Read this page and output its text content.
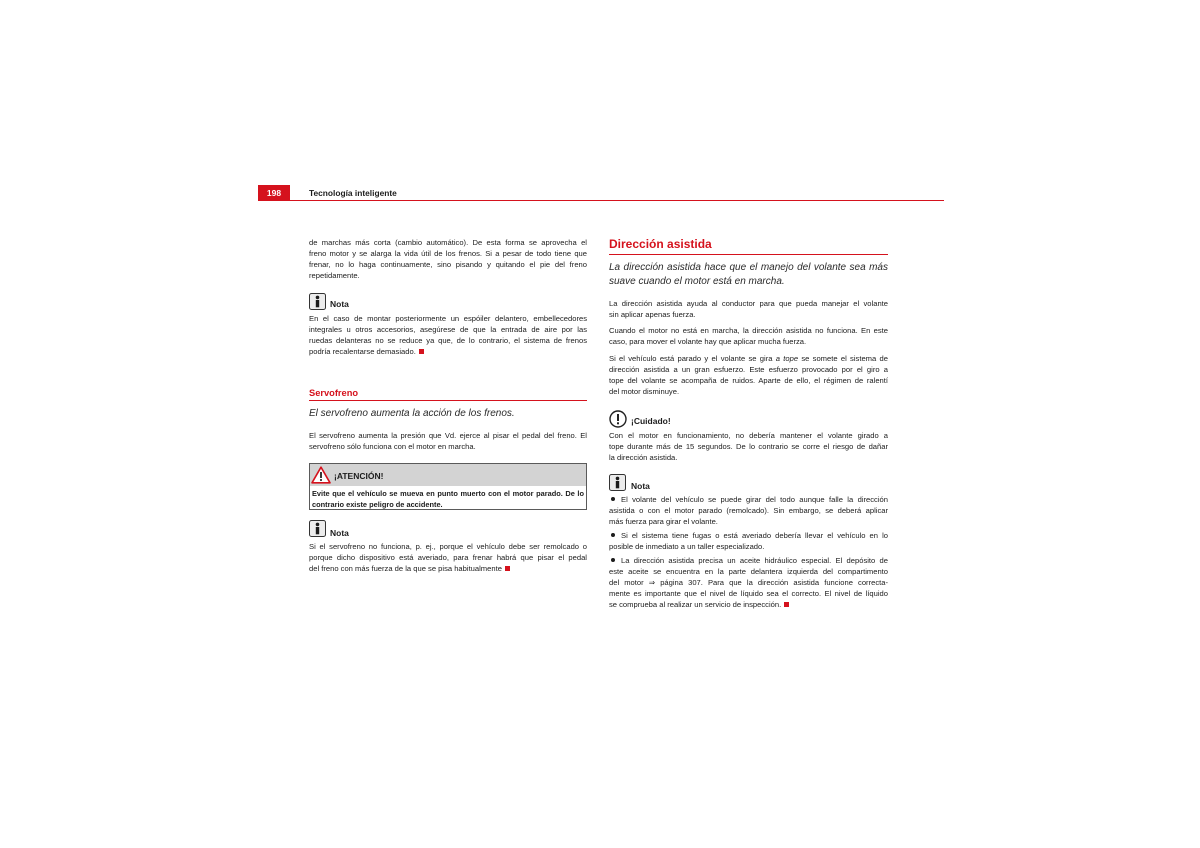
198	Tecnología inteligente
de marchas más corta (cambio automático). De esta forma se aprovecha el
freno motor y se alarga la vida útil de los frenos. Si a pesar de todo tiene que
frenar, no lo haga continuamente, sino pisando y quitando el pie del freno
repetidamente.
Nota
En el caso de montar posteriormente un espóiler delantero, embellecedores
integrales u otros accesorios, asegúrese de que la entrada de aire por las
ruedas delanteras no se reduce ya que, de lo contrario, el sistema de frenos
podría recalentarse demasiado.
Servofreno
El servofreno aumenta la acción de los frenos.
El servofreno aumenta la presión que Vd. ejerce al pisar el pedal del freno. El
servofreno sólo funciona con el motor en marcha.
¡ATENCIÓN!
Evite que el vehículo se mueva en punto muerto con el motor parado. De lo
contrario existe peligro de accidente.
Nota
Si el servofreno no funciona, p. ej., porque el vehículo debe ser remolcado o
porque dicho dispositivo está averiado, para frenar habrá que pisar el pedal
del freno con más fuerza de la que se pisa habitualmente
Dirección asistida
La dirección asistida hace que el manejo del volante sea más
suave cuando el motor está en marcha.
La dirección asistida ayuda al conductor para que pueda manejar el volante
sin aplicar apenas fuerza.
Cuando el motor no está en marcha, la dirección asistida no funciona. En este
caso, para mover el volante hay que aplicar mucha fuerza.
Si el vehículo está parado y el volante se gira a tope se somete el sistema de
dirección asistida a un gran esfuerzo. Este esfuerzo provocado por el giro a
tope del volante se acompaña de ruidos. Aparte de ello, el régimen de ralentí
del motor disminuye.
¡Cuidado!
Con el motor en funcionamiento, no debería mantener el volante girado a
tope durante más de 15 segundos. De lo contrario se corre el riesgo de dañar
la dirección asistida.
Nota
El volante del vehículo se puede girar del todo aunque falle la dirección
asistida o con el motor parado (remolcado). Sin embargo, se deberá aplicar
más fuerza para girar el volante.
Si el sistema tiene fugas o está averiado debería llevar el vehículo en lo
posible de inmediato a un taller especializado.
La dirección asistida precisa un aceite hidráulico especial. El depósito de
este aceite se encuentra en la parte delantera izquierda del compartimento
del motor ⇒ página 307. Para que la dirección asistida funcione correcta-
mente es importante que el nivel de líquido sea el correcto. El nivel de líquido
se comprueba al realizar un servicio de inspección.
